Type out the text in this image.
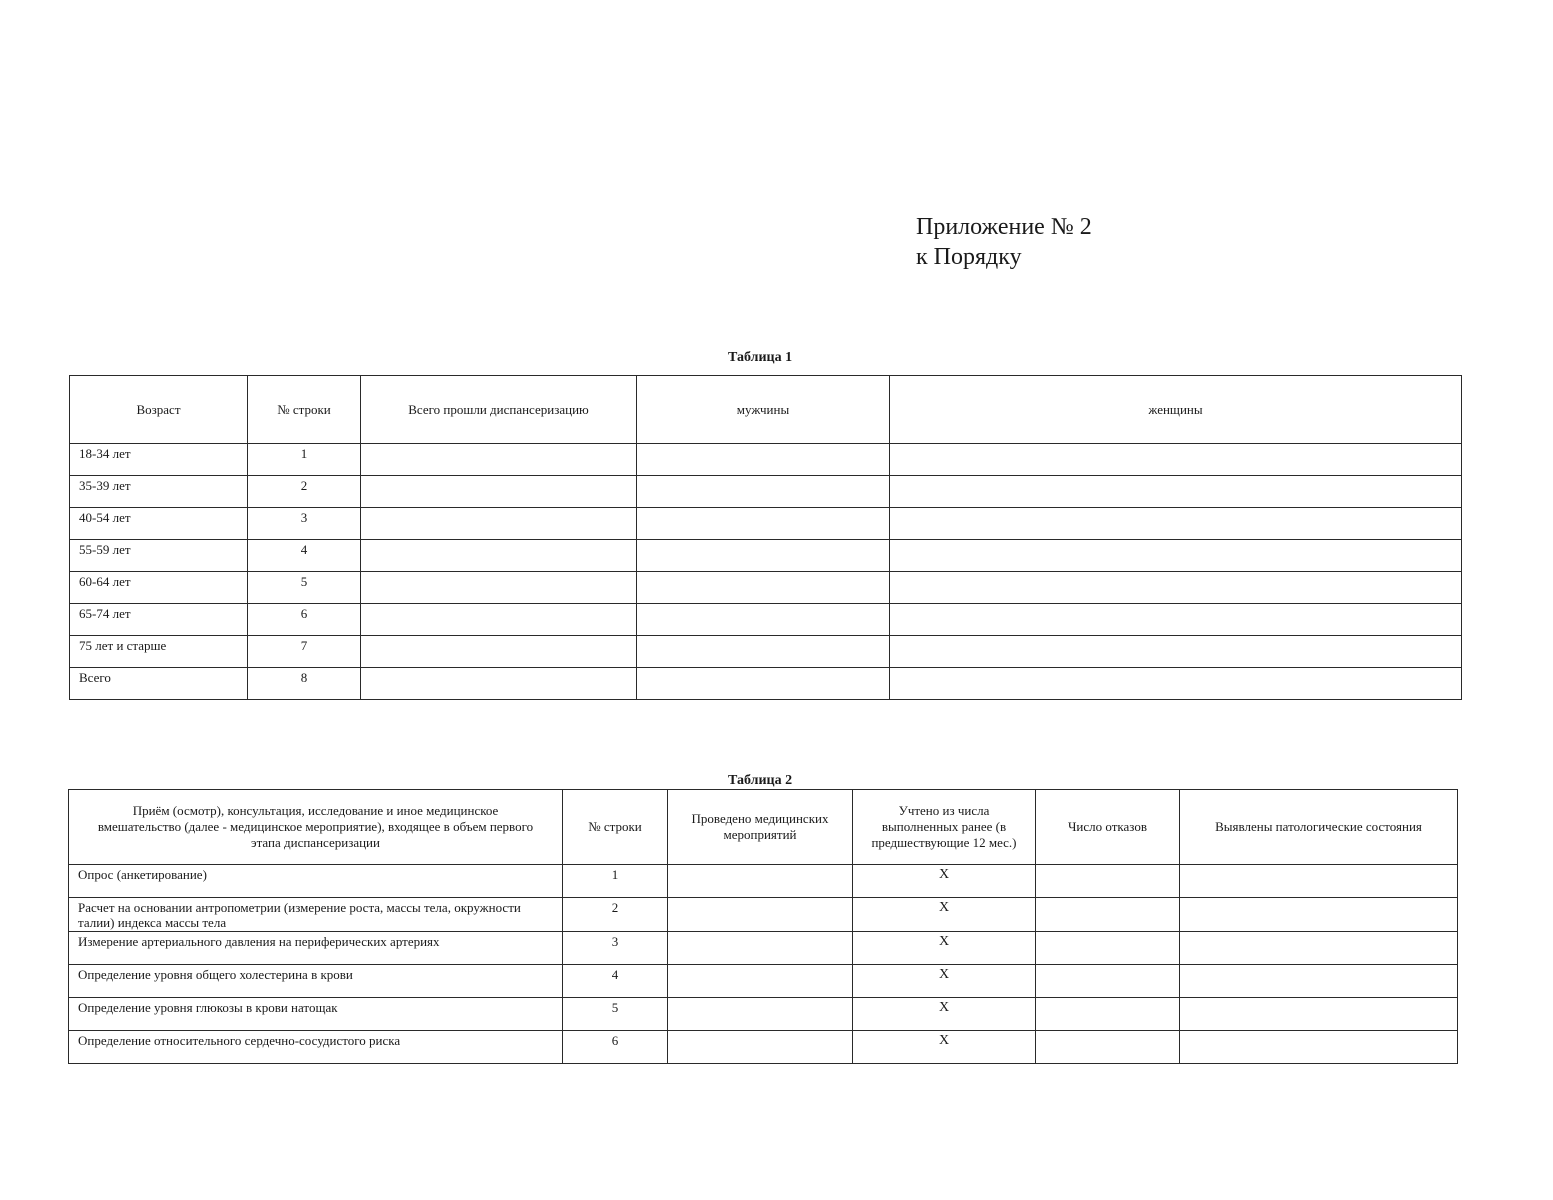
Приложение № 2
к Порядку
Таблица 1
Возраст	№ строки	Всего прошли диспансеризацию	мужчины	женщины
18-34 лет	1			
35-39 лет	2			
40-54 лет	3			
55-59 лет	4			
60-64 лет	5			
65-74 лет	6			
75 лет и старше	7			
Всего	8			
Таблица 2
Приём (осмотр), консультация, исследование и иное медицинское вмешательство (далее - медицинское мероприятие), входящее в объем первого этапа диспансеризации	№ строки	Проведено медицинских мероприятий	Учтено из числа выполненных ранее (в предшествующие 12 мес.)	Число отказов	Выявлены патологические состояния
Опрос (анкетирование)	1		X		
Расчет на основании антропометрии (измерение роста, массы тела, окружности талии) индекса массы тела	2		X		
Измерение артериального давления на периферических артериях	3		X		
Определение уровня общего холестерина в крови	4		X		
Определение уровня глюкозы в крови натощак	5		X		
Определение относительного сердечно-сосудистого риска	6		X		
